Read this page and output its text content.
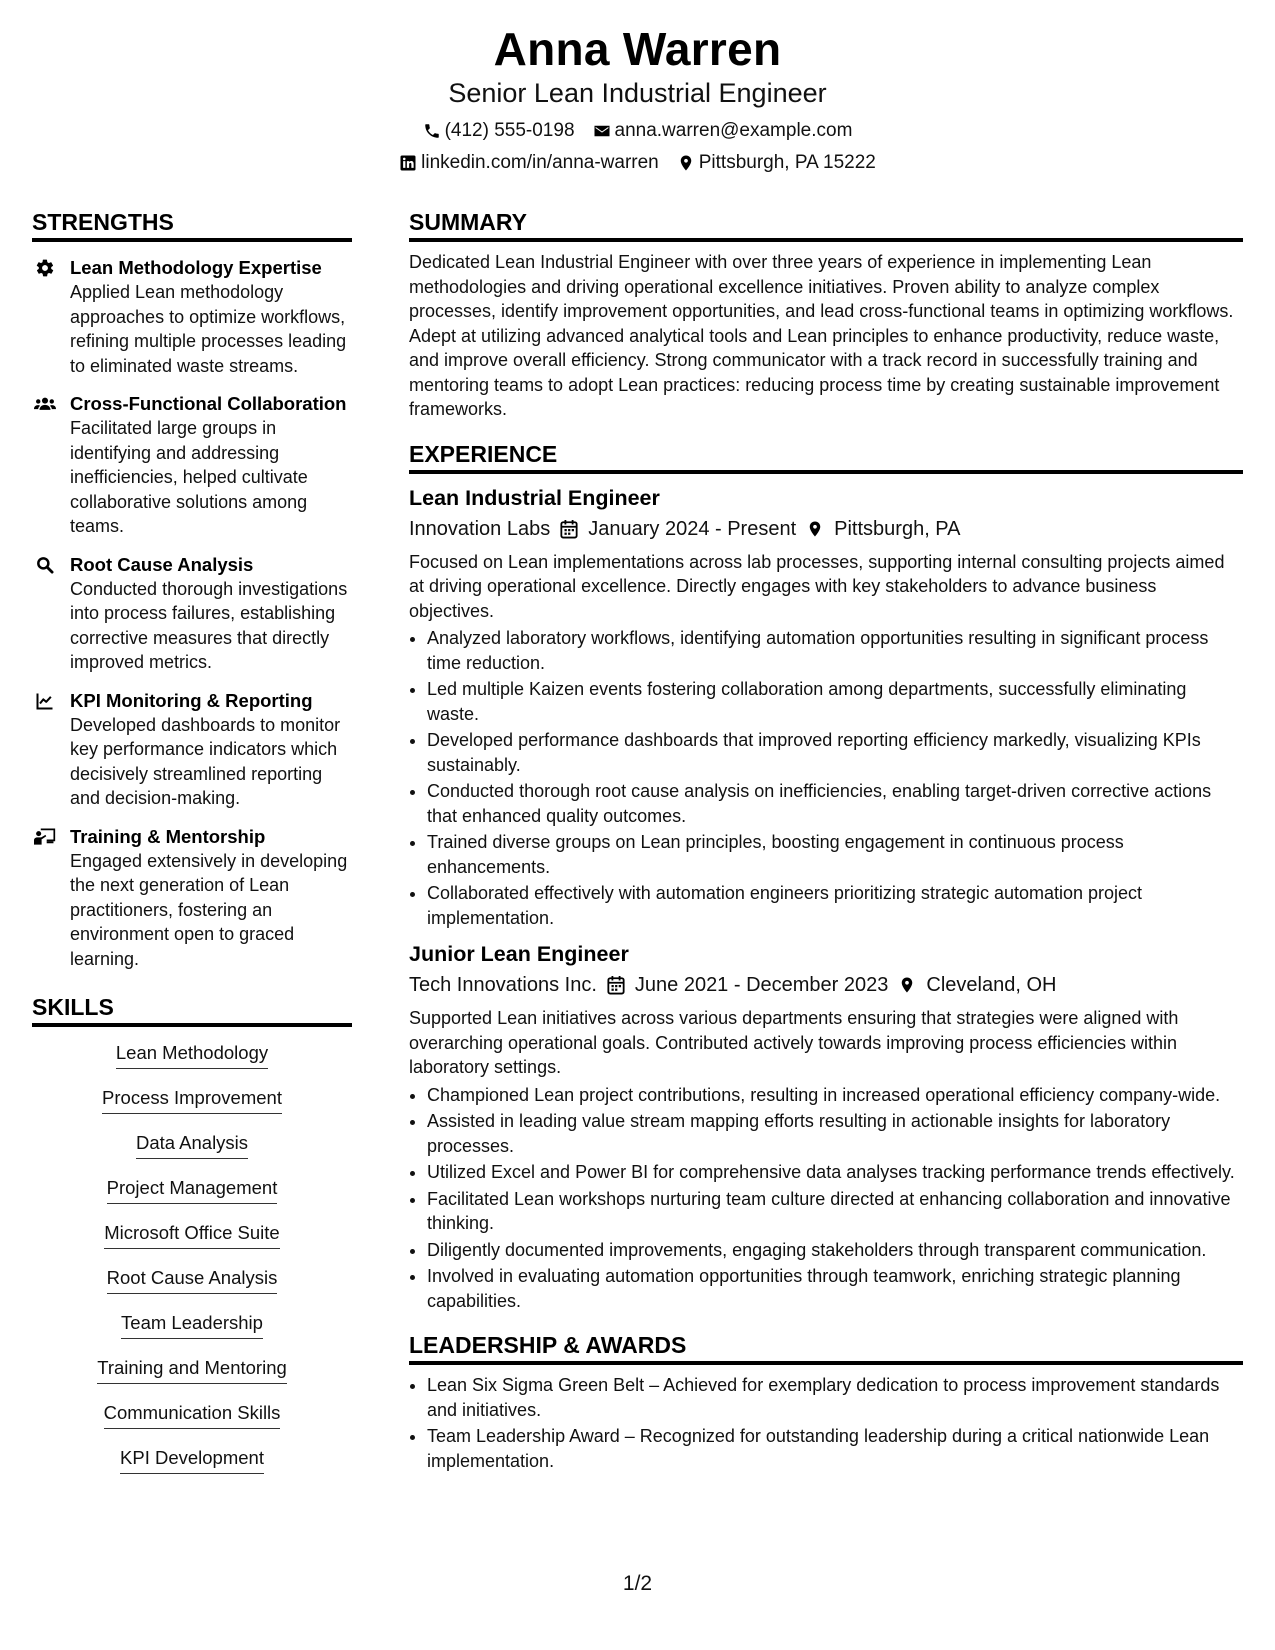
Anna Warren
Senior Lean Industrial Engineer
(412) 555-0198 anna.warren@example.com
linkedin.com/in/anna-warren Pittsburgh, PA 15222
STRENGTHS
Lean Methodology Expertise
Applied Lean methodology approaches to optimize workflows, refining multiple processes leading to eliminated waste streams.
Cross-Functional Collaboration
Facilitated large groups in identifying and addressing inefficiencies, helped cultivate collaborative solutions among teams.
Root Cause Analysis
Conducted thorough investigations into process failures, establishing corrective measures that directly improved metrics.
KPI Monitoring & Reporting
Developed dashboards to monitor key performance indicators which decisively streamlined reporting and decision-making.
Training & Mentorship
Engaged extensively in developing the next generation of Lean practitioners, fostering an environment open to graced learning.
SKILLS
Lean Methodology
Process Improvement
Data Analysis
Project Management
Microsoft Office Suite
Root Cause Analysis
Team Leadership
Training and Mentoring
Communication Skills
KPI Development
SUMMARY
Dedicated Lean Industrial Engineer with over three years of experience in implementing Lean methodologies and driving operational excellence initiatives. Proven ability to analyze complex processes, identify improvement opportunities, and lead cross-functional teams in optimizing workflows. Adept at utilizing advanced analytical tools and Lean principles to enhance productivity, reduce waste, and improve overall efficiency. Strong communicator with a track record in successfully training and mentoring teams to adopt Lean practices: reducing process time by creating sustainable improvement frameworks.
EXPERIENCE
Lean Industrial Engineer
Innovation Labs January 2024 - Present Pittsburgh, PA
Focused on Lean implementations across lab processes, supporting internal consulting projects aimed at driving operational excellence. Directly engages with key stakeholders to advance business objectives.
• Analyzed laboratory workflows, identifying automation opportunities resulting in significant process time reduction.
• Led multiple Kaizen events fostering collaboration among departments, successfully eliminating waste.
• Developed performance dashboards that improved reporting efficiency markedly, visualizing KPIs sustainably.
• Conducted thorough root cause analysis on inefficiencies, enabling target-driven corrective actions that enhanced quality outcomes.
• Trained diverse groups on Lean principles, boosting engagement in continuous process enhancements.
• Collaborated effectively with automation engineers prioritizing strategic automation project implementation.
Junior Lean Engineer
Tech Innovations Inc. June 2021 - December 2023 Cleveland, OH
Supported Lean initiatives across various departments ensuring that strategies were aligned with overarching operational goals. Contributed actively towards improving process efficiencies within laboratory settings.
• Championed Lean project contributions, resulting in increased operational efficiency company-wide.
• Assisted in leading value stream mapping efforts resulting in actionable insights for laboratory processes.
• Utilized Excel and Power BI for comprehensive data analyses tracking performance trends effectively.
• Facilitated Lean workshops nurturing team culture directed at enhancing collaboration and innovative thinking.
• Diligently documented improvements, engaging stakeholders through transparent communication.
• Involved in evaluating automation opportunities through teamwork, enriching strategic planning capabilities.
LEADERSHIP & AWARDS
• Lean Six Sigma Green Belt – Achieved for exemplary dedication to process improvement standards and initiatives.
• Team Leadership Award – Recognized for outstanding leadership during a critical nationwide Lean implementation.
1/2
